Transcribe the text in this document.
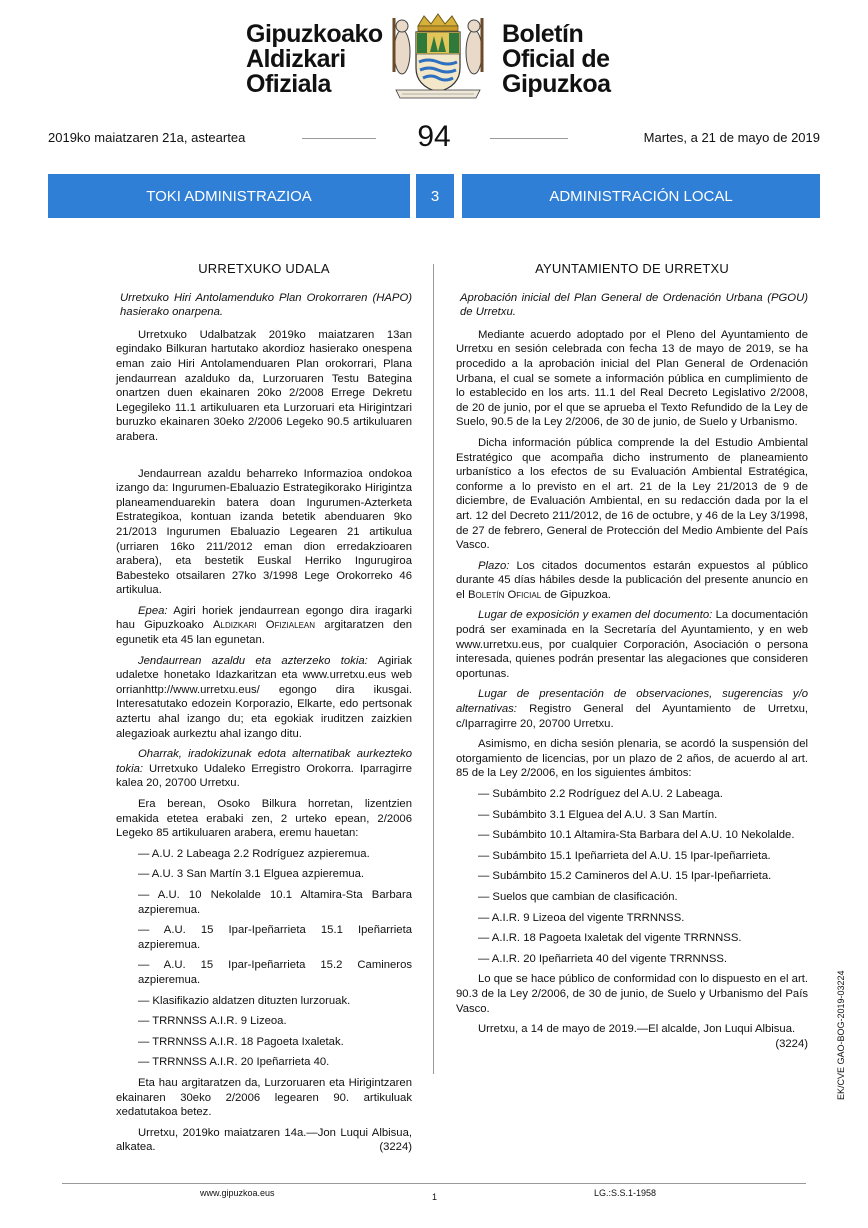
Gipuzkoako
Aldizkari
Ofiziala
Boletín
Oficial de
Gipuzkoa
2019ko maiatzaren 21a, asteartea	94	Martes, a 21 de mayo de 2019
TOKI ADMINISTRAZIOA	3	ADMINISTRACIÓN LOCAL
URRETXUKO UDALA
Urretxuko Hiri Antolamenduko Plan Orokorraren (HAPO) hasierako onarpena.
Urretxuko Udalbatzak 2019ko maiatzaren 13an egindako Bilkuran hartutako akordioz hasierako onespena eman zaio Hiri Antolamenduaren Plan orokorrari, Plana jendaurrean azalduko da, Lurzoruaren Testu Bategina onartzen duen ekainaren 20ko 2/2008 Errege Dekretu Legegileko 11.1 artikuluaren eta Lurzoruari eta Hirigintzari buruzko ekainaren 30eko 2/2006 Legeko 90.5 artikuluaren arabera.
Jendaurrean azaldu beharreko Informazioa ondokoa izango da: Ingurumen-Ebaluazio Estrategikorako Hirigintza planeamenduarekin batera doan Ingurumen-Azterketa Estrategikoa, kontuan izanda betetik abenduaren 9ko 21/2013 Ingurumen Ebaluazio Legearen 21 artikulua (urriaren 16ko 211/2012 eman dion erredakzioaren arabera), eta bestetik Euskal Herriko Ingurugiroa Babesteko otsailaren 27ko 3/1998 Lege Orokorreko 46 artikulua.
Epea: Agiri horiek jendaurrean egongo dira iragarki hau Gipuzkoako Aldizkari Ofizialean argitaratzen den egunetik eta 45 lan egunetan.
Jendaurrean azaldu eta azterzeko tokia: Agiriak udaletxe honetako Idazkaritzan eta www.urretxu.eus web orrianhttp://www.urretxu.eus/ egongo dira ikusgai. Interesatutako edozein Korporazio, Elkarte, edo pertsonak aztertu ahal izango du; eta egokiak iruditzen zaizkien alegazioak aurkeztu ahal izango ditu.
Oharrak, iradokizunak edota alternatibak aurkezteko tokia: Urretxuko Udaleko Erregistro Orokorra. Iparragirre kalea 20, 20700 Urretxu.
Era berean, Osoko Bilkura horretan, lizentzien emakida etetea erabaki zen, 2 urteko epean, 2/2006 Legeko 85 artikuluaren arabera, eremu hauetan:
— A.U. 2 Labeaga 2.2 Rodríguez azpieremua.
— A.U. 3 San Martín 3.1 Elguea azpieremua.
— A.U. 10 Nekolalde 10.1 Altamira-Sta Barbara azpieremua.
— A.U. 15 Ipar-Ipeñarrieta 15.1 Ipeñarrieta azpieremua.
— A.U. 15 Ipar-Ipeñarrieta 15.2 Camineros azpieremua.
— Klasifikazio aldatzen dituzten lurzoruak.
— TRRNNSS A.I.R. 9 Lizeoa.
— TRRNNSS A.I.R. 18 Pagoeta Ixaletak.
— TRRNNSS A.I.R. 20 Ipeñarrieta 40.
Eta hau argitaratzen da, Lurzoruaren eta Hirigintzaren ekainaren 30eko 2/2006 legearen 90. artikuluak xedatutakoa betez.
Urretxu, 2019ko maiatzaren 14a.—Jon Luqui Albisua, alkatea.	(3224)
AYUNTAMIENTO DE URRETXU
Aprobación inicial del Plan General de Ordenación Urbana (PGOU) de Urretxu.
Mediante acuerdo adoptado por el Pleno del Ayuntamiento de Urretxu en sesión celebrada con fecha 13 de mayo de 2019, se ha procedido a la aprobación inicial del Plan General de Ordenación Urbana, el cual se somete a información pública en cumplimiento de lo establecido en los arts. 11.1 del Real Decreto Legislativo 2/2008, de 20 de junio, por el que se aprueba el Texto Refundido de la Ley de Suelo, 90.5 de la Ley 2/2006, de 30 de junio, de Suelo y Urbanismo.
Dicha información pública comprende la del Estudio Ambiental Estratégico que acompaña dicho instrumento de planeamiento urbanístico a los efectos de su Evaluación Ambiental Estratégica, conforme a lo previsto en el art. 21 de la Ley 21/2013 de 9 de diciembre, de Evaluación Ambiental, en su redacción dada por la el art. 12 del Decreto 211/2012, de 16 de octubre, y 46 de la Ley 3/1998, de 27 de febrero, General de Protección del Medio Ambiente del País Vasco.
Plazo: Los citados documentos estarán expuestos al público durante 45 días hábiles desde la publicación del presente anuncio en el Boletín Oficial de Gipuzkoa.
Lugar de exposición y examen del documento: La documentación podrá ser examinada en la Secretaría del Ayuntamiento, y en web www.urretxu.eus, por cualquier Corporación, Asociación o persona interesada, quienes podrán presentar las alegaciones que consideren oportunas.
Lugar de presentación de observaciones, sugerencias y/o alternativas: Registro General del Ayuntamiento de Urretxu, c/Iparragirre 20, 20700 Urretxu.
Asimismo, en dicha sesión plenaria, se acordó la suspensión del otorgamiento de licencias, por un plazo de 2 años, de acuerdo al art. 85 de la Ley 2/2006, en los siguientes ámbitos:
— Subámbito 2.2 Rodríguez del A.U. 2 Labeaga.
— Subámbito 3.1 Elguea del A.U. 3 San Martín.
— Subámbito 10.1 Altamira-Sta Barbara del A.U. 10 Nekolalde.
— Subámbito 15.1 Ipeñarrieta del A.U. 15 Ipar-Ipeñarrieta.
— Subámbito 15.2 Camineros del A.U. 15 Ipar-Ipeñarrieta.
— Suelos que cambian de clasificación.
— A.I.R. 9 Lizeoa del vigente TRRNNSS.
— A.I.R. 18 Pagoeta Ixaletak del vigente TRRNNSS.
— A.I.R. 20 Ipeñarrieta 40 del vigente TRRNNSS.
Lo que se hace público de conformidad con lo dispuesto en el art. 90.3 de la Ley 2/2006, de 30 de junio, de Suelo y Urbanismo del País Vasco.
Urretxu, a 14 de mayo de 2019.—El alcalde, Jon Luqui Albisua.
(3224)
www.gipuzkoa.eus	1	LG.:S.S.1-1958
EK/CVE GAO-BOG-2019-03224
